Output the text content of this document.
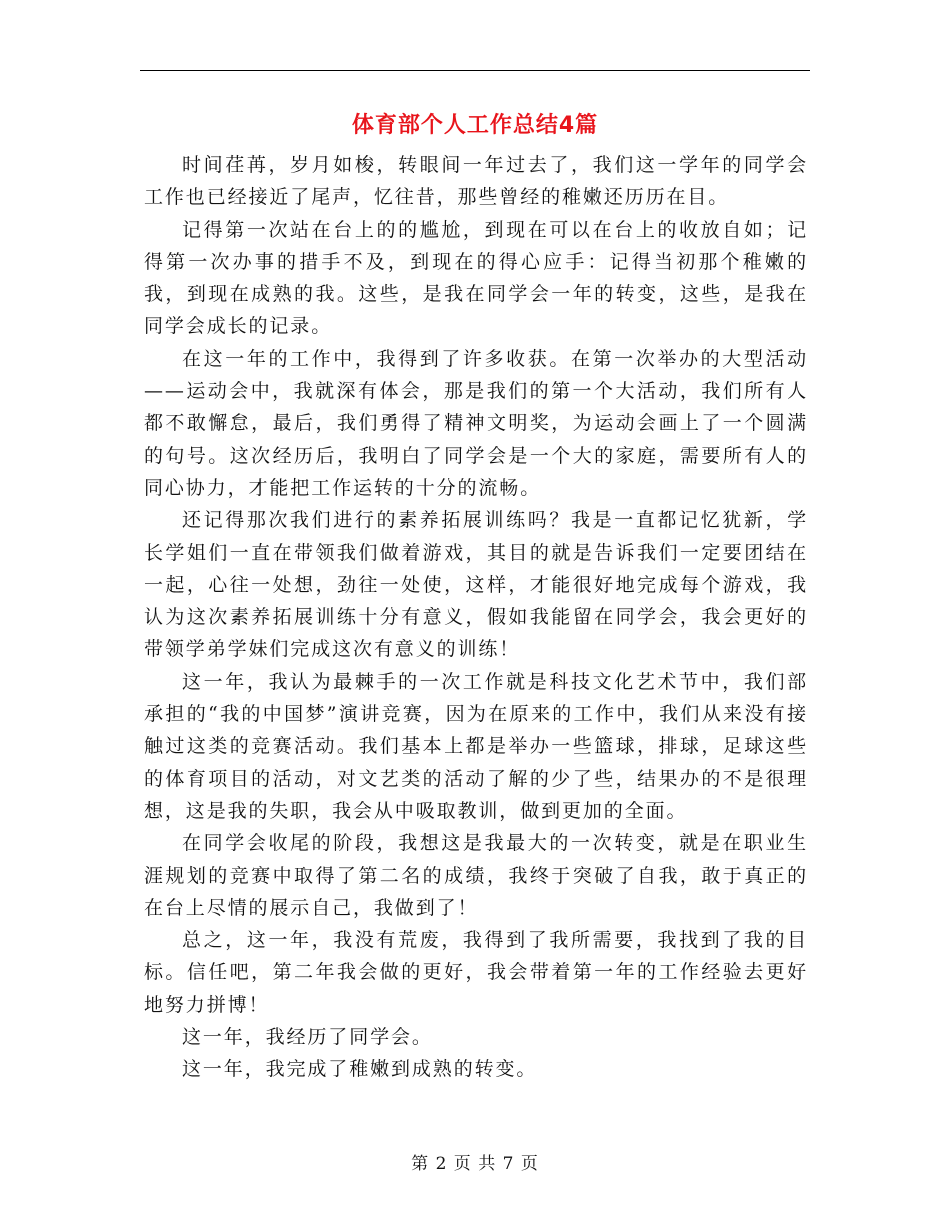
体育部个人工作总结4篇

时间荏苒，岁月如梭，转眼间一年过去了，我们这一学年的同学会工作也已经接近了尾声，忆往昔，那些曾经的稚嫩还历历在目。

记得第一次站在台上的的尴尬，到现在可以在台上的收放自如；记得第一次办事的措手不及，到现在的得心应手：记得当初那个稚嫩的我，到现在成熟的我。这些，是我在同学会一年的转变，这些，是我在同学会成长的记录。

在这一年的工作中，我得到了许多收获。在第一次举办的大型活动——运动会中，我就深有体会，那是我们的第一个大活动，我们所有人都不敢懈怠，最后，我们勇得了精神文明奖，为运动会画上了一个圆满的句号。这次经历后，我明白了同学会是一个大的家庭，需要所有人的同心协力，才能把工作运转的十分的流畅。

还记得那次我们进行的素养拓展训练吗？我是一直都记忆犹新，学长学姐们一直在带领我们做着游戏，其目的就是告诉我们一定要团结在一起，心往一处想，劲往一处使，这样，才能很好地完成每个游戏，我认为这次素养拓展训练十分有意义，假如我能留在同学会，我会更好的带领学弟学妹们完成这次有意义的训练！

这一年，我认为最棘手的一次工作就是科技文化艺术节中，我们部承担的“我的中国梦”演讲竞赛，因为在原来的工作中，我们从来没有接触过这类的竞赛活动。我们基本上都是举办一些篮球，排球，足球这些的体育项目的活动，对文艺类的活动了解的少了些，结果办的不是很理想，这是我的失职，我会从中吸取教训，做到更加的全面。

在同学会收尾的阶段，我想这是我最大的一次转变，就是在职业生涯规划的竞赛中取得了第二名的成绩，我终于突破了自我，敢于真正的在台上尽情的展示自己，我做到了！

总之，这一年，我没有荒废，我得到了我所需要，我找到了我的目标。信任吧，第二年我会做的更好，我会带着第一年的工作经验去更好地努力拼博！

这一年，我经历了同学会。

这一年，我完成了稚嫩到成熟的转变。

第 2 页 共 7 页
